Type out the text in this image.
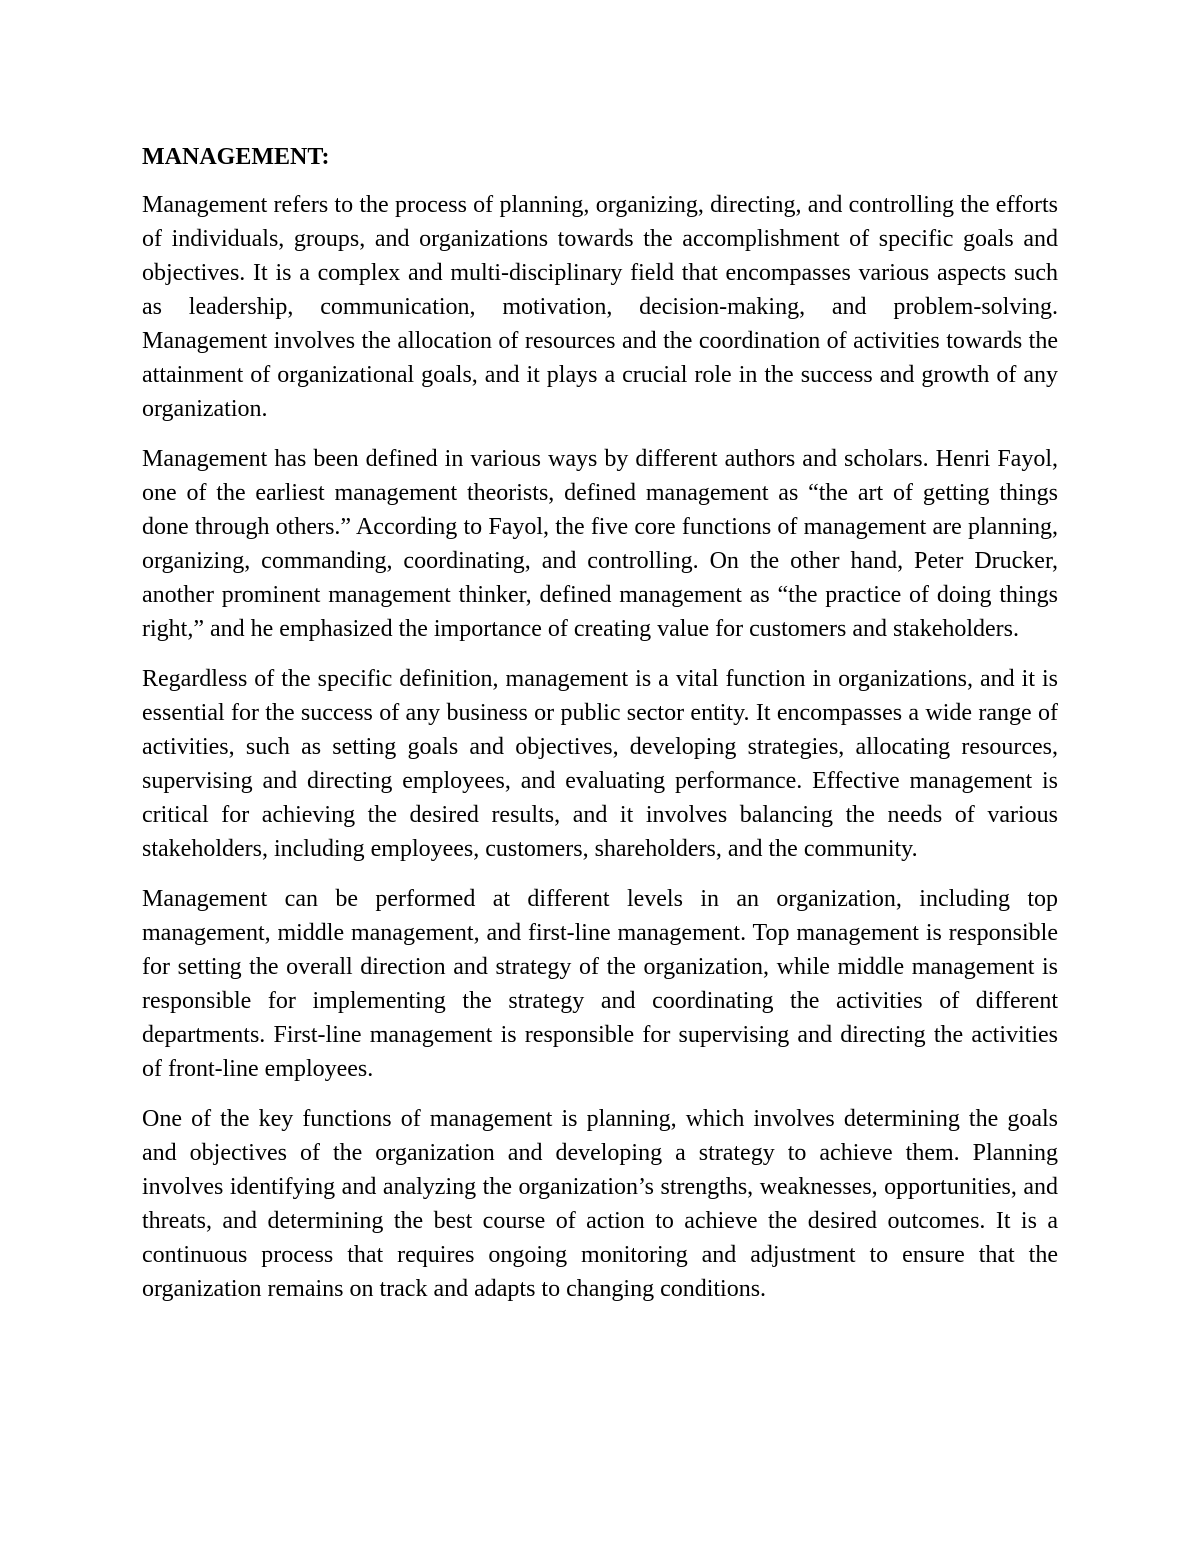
MANAGEMENT:

Management refers to the process of planning, organizing, directing, and controlling the efforts of individuals, groups, and organizations towards the accomplishment of specific goals and objectives. It is a complex and multi-disciplinary field that encompasses various aspects such as leadership, communication, motivation, decision-making, and problem-solving. Management involves the allocation of resources and the coordination of activities towards the attainment of organizational goals, and it plays a crucial role in the success and growth of any organization.

Management has been defined in various ways by different authors and scholars. Henri Fayol, one of the earliest management theorists, defined management as “the art of getting things done through others.” According to Fayol, the five core functions of management are planning, organizing, commanding, coordinating, and controlling. On the other hand, Peter Drucker, another prominent management thinker, defined management as “the practice of doing things right,” and he emphasized the importance of creating value for customers and stakeholders.

Regardless of the specific definition, management is a vital function in organizations, and it is essential for the success of any business or public sector entity. It encompasses a wide range of activities, such as setting goals and objectives, developing strategies, allocating resources, supervising and directing employees, and evaluating performance. Effective management is critical for achieving the desired results, and it involves balancing the needs of various stakeholders, including employees, customers, shareholders, and the community.

Management can be performed at different levels in an organization, including top management, middle management, and first-line management. Top management is responsible for setting the overall direction and strategy of the organization, while middle management is responsible for implementing the strategy and coordinating the activities of different departments. First-line management is responsible for supervising and directing the activities of front-line employees.

One of the key functions of management is planning, which involves determining the goals and objectives of the organization and developing a strategy to achieve them. Planning involves identifying and analyzing the organization’s strengths, weaknesses, opportunities, and threats, and determining the best course of action to achieve the desired outcomes. It is a continuous process that requires ongoing monitoring and adjustment to ensure that the organization remains on track and adapts to changing conditions.
